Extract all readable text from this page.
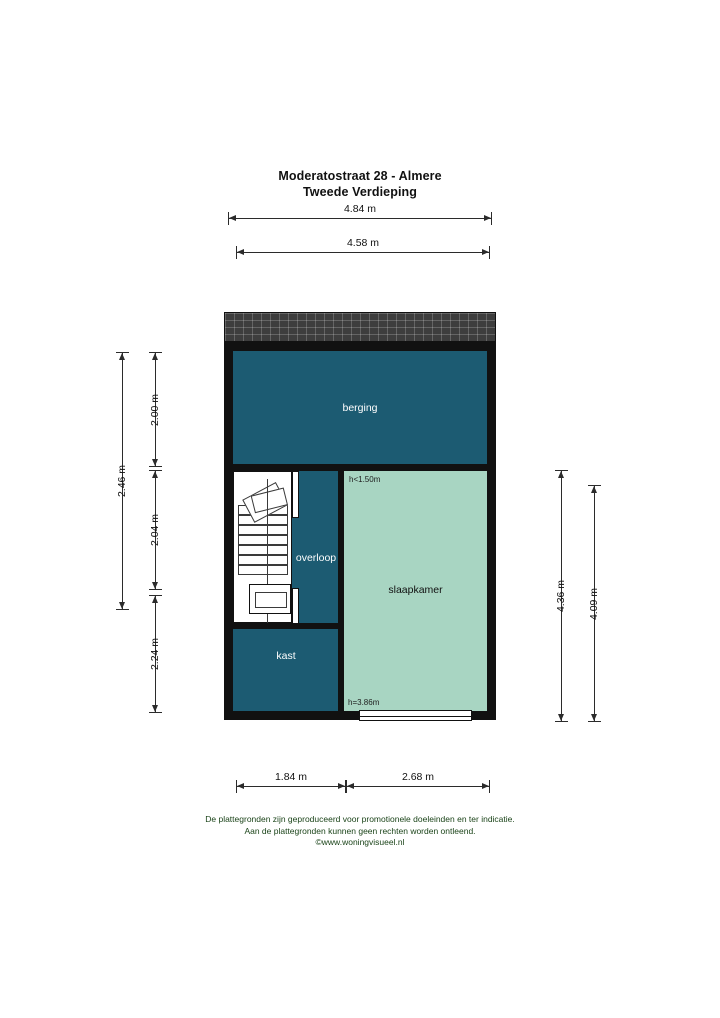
Moderatostraat 28 - Almere
Tweede Verdieping
4.84 m
4.58 m
2.46 m
2.24 m
2.00 m
2.04 m
4.36 m 4.09 m
1.84 m	2.68 m
berging
slaapkamer
h<1.50m
h=3.86m
overloop
kast
De plattegronden zijn geproduceerd voor promotionele doeleinden en ter indicatie.
Aan de plattegronden kunnen geen rechten worden ontleend.
©www.woningvisueel.nl
